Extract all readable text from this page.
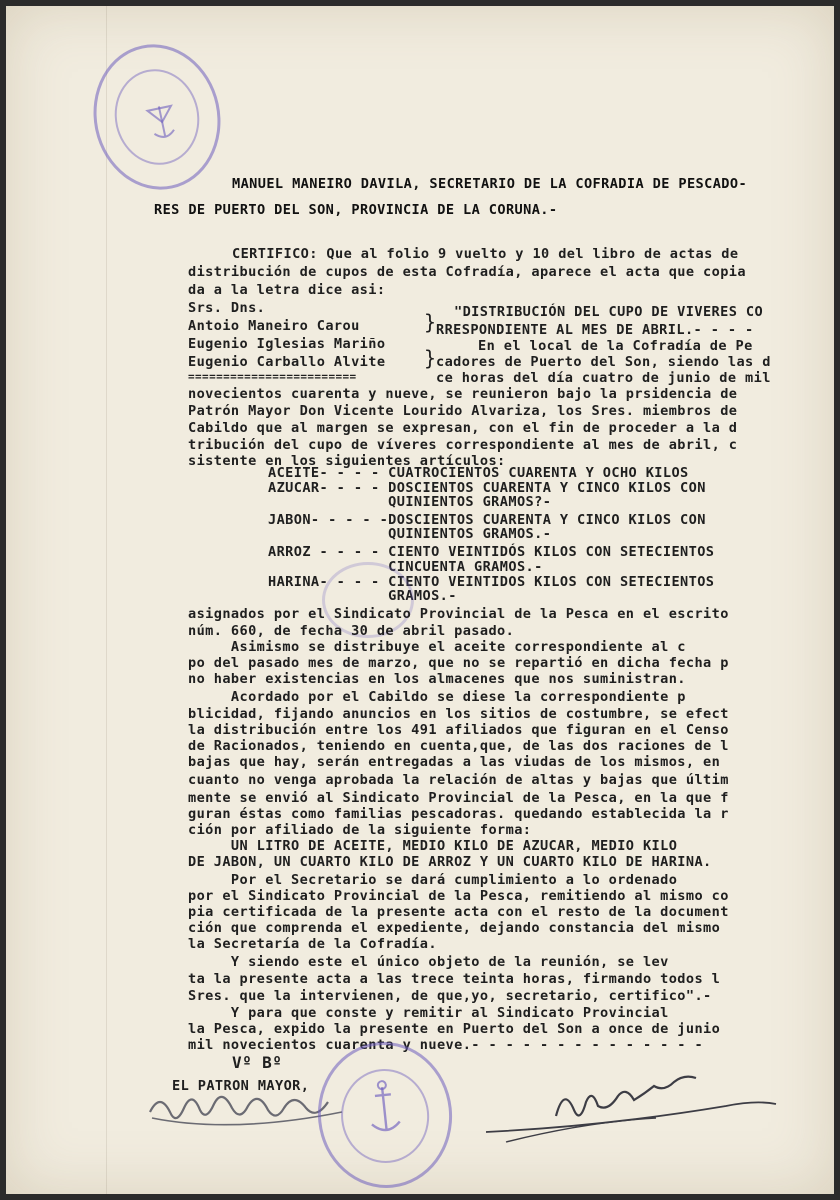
MANUEL MANEIRO DAVILA, SECRETARIO DE LA COFRADIA DE PESCADO-
RES DE PUERTO DEL SON, PROVINCIA DE LA CORUNA.-
CERTIFICO: Que al folio 9 vuelto y 10 del libro de actas de
distribución de cupos de esta Cofradía, aparece el acta que copia
da a la letra dice asi:
Srs. Dns.
Antoio Maneiro Carou
Eugenio Iglesias Mariño
Eugenio Carballo Alvite
========================
}
}
"DISTRIBUCIÓN DEL CUPO DE VIVERES CO
RRESPONDIENTE AL MES DE ABRIL.- - - -
En el local de la Cofradía de Pe
cadores de Puerto del Son, siendo las d
ce horas del día cuatro de junio de mil
novecientos cuarenta y nueve, se reunieron bajo la prsidencia de
Patrón Mayor Don Vicente Lourido Alvariza, los Sres. miembros de
Cabildo que al margen se expresan, con el fin de proceder a la d
tribución del cupo de víveres correspondiente al mes de abril, c
sistente en los siguientes artículos:
ACEITE- - - - CUATROCIENTOS CUARENTA Y OCHO KILOS
AZUCAR- - - - DOSCIENTOS CUARENTA Y CINCO KILOS CON
QUINIENTOS GRAMOS?-
JABON- - - - -DOSCIENTOS CUARENTA Y CINCO KILOS CON
QUINIENTOS GRAMOS.-
ARROZ - - - - CIENTO VEINTIDÓS KILOS CON SETECIENTOS
CINCUENTA GRAMOS.-
HARINA- - - - CIENTO VEINTIDOS KILOS CON SETECIENTOS
GRAMOS.-
asignados por el Sindicato Provincial de la Pesca en el escrito
núm. 660, de fecha 30 de abril pasado.
Asimismo se distribuye el aceite correspondiente al c
po del pasado mes de marzo, que no se repartió en dicha fecha p
no haber existencias en los almacenes que nos suministran.
Acordado por el Cabildo se diese la correspondiente p
blicidad, fijando anuncios en los sitios de costumbre, se efect
la distribución entre los 491 afiliados que figuran en el Censo
de Racionados, teniendo en cuenta,que, de las dos raciones de l
bajas que hay, serán entregadas a las viudas de los mismos, en
cuanto no venga aprobada la relación de altas y bajas que últim
mente se envió al Sindicato Provincial de la Pesca, en la que f
guran éstas como familias pescadoras. quedando establecida la r
ción por afiliado de la siguiente forma:
UN LITRO DE ACEITE, MEDIO KILO DE AZUCAR, MEDIO KILO
DE JABON, UN CUARTO KILO DE ARROZ Y UN CUARTO KILO DE HARINA.
Por el Secretario se dará cumplimiento a lo ordenado
por el Sindicato Provincial de la Pesca, remitiendo al mismo co
pia certificada de la presente acta con el resto de la document
ción que comprenda el expediente, dejando constancia del mismo
la Secretaría de la Cofradía.
Y siendo este el único objeto de la reunión, se lev
ta la presente acta a las trece teinta horas, firmando todos l
Sres. que la intervienen, de que,yo, secretario, certifico".-
Y para que conste y remitir al Sindicato Provincial
la Pesca, expido la presente en Puerto del Son a once de junio
mil novecientos cuarenta y nueve.- - - - - - - - - - - - - -
Vº Bº
EL PATRON MAYOR,
